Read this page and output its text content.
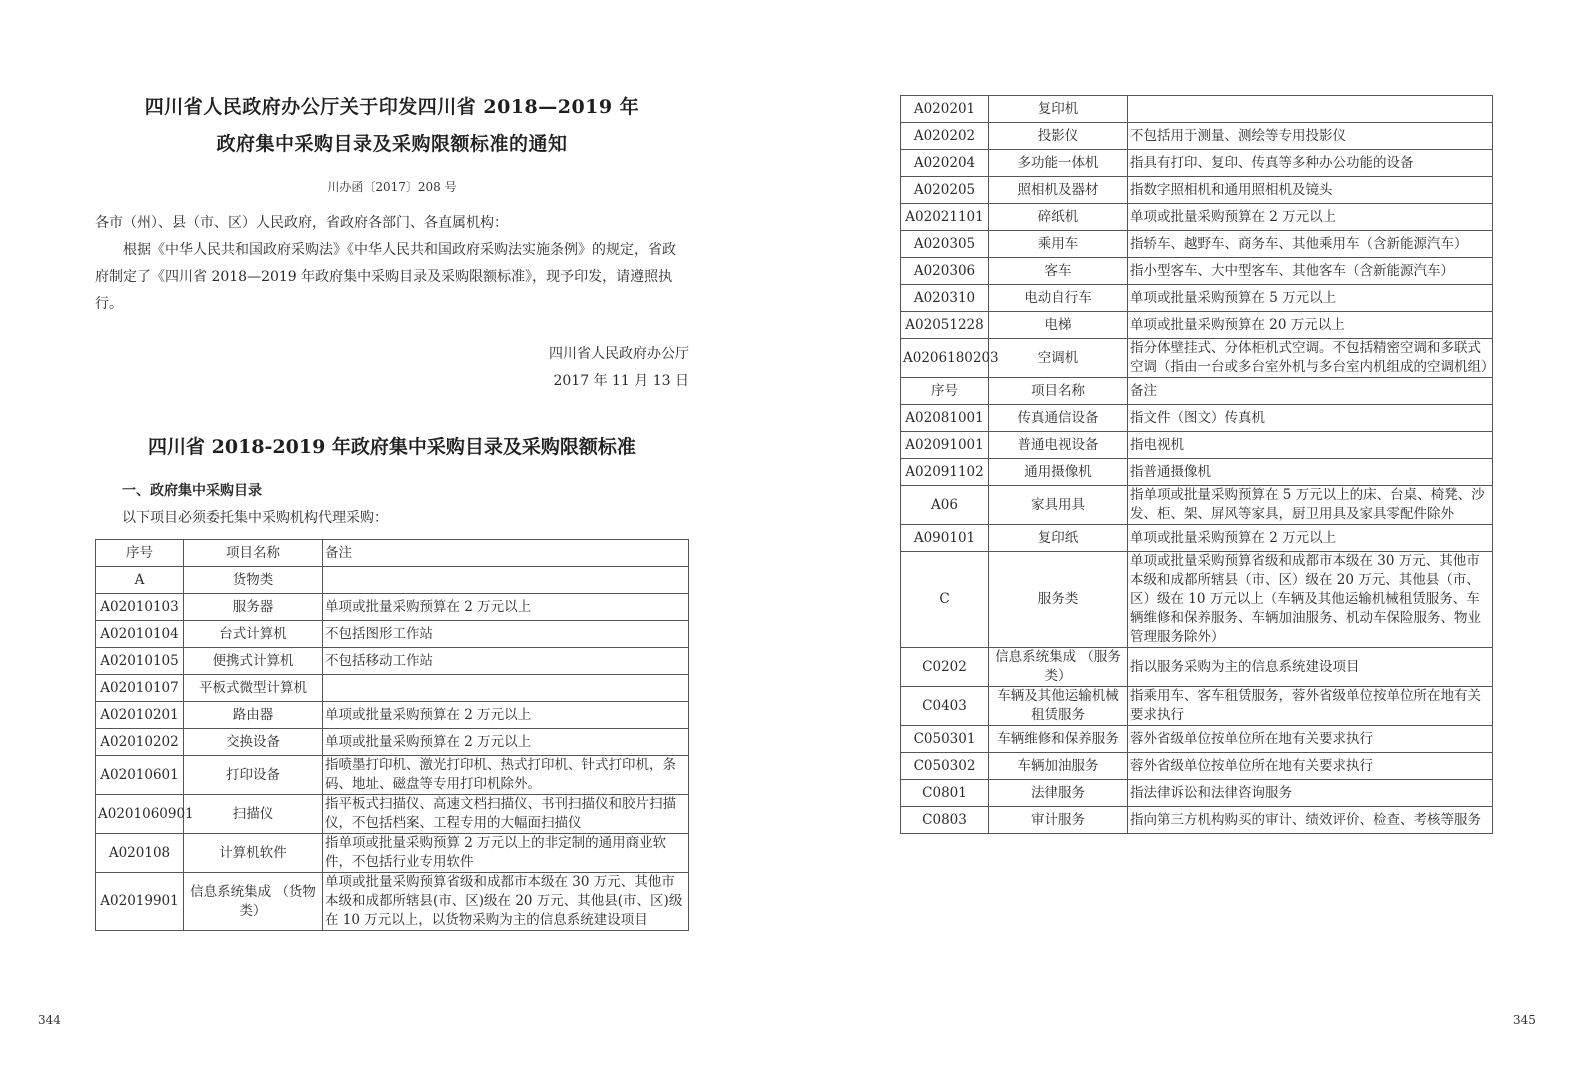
四川省人民政府办公厅关于印发四川省 2018—2019 年
政府集中采购目录及采购限额标准的通知
川办函〔2017〕208 号
各市（州）、县（市、区）人民政府，省政府各部门、各直属机构：
根据《中华人民共和国政府采购法》《中华人民共和国政府采购法实施条例》的规定，省政府制定了《四川省 2018—2019 年政府集中采购目录及采购限额标准》，现予印发，请遵照执行。
四川省人民政府办公厅
2017 年 11 月 13 日
四川省 2018-2019 年政府集中采购目录及采购限额标准
一、政府集中采购目录
以下项目必须委托集中采购机构代理采购：
序号	项目名称	备注
A	货物类	
A02010103	服务器	单项或批量采购预算在 2 万元以上
A02010104	台式计算机	不包括图形工作站
A02010105	便携式计算机	不包括移动工作站
A02010107	平板式微型计算机	
A02010201	路由器	单项或批量采购预算在 2 万元以上
A02010202	交换设备	单项或批量采购预算在 2 万元以上
A02010601	打印设备	指喷墨打印机、激光打印机、热式打印机、针式打印机，条码、地址、磁盘等专用打印机除外。
A0201060901	扫描仪	指平板式扫描仪、高速文档扫描仪、书刊扫描仪和胶片扫描仪，不包括档案、工程专用的大幅面扫描仪
A020108	计算机软件	指单项或批量采购预算 2 万元以上的非定制的通用商业软件，不包括行业专用软件
A02019901	信息系统集成 （货物类）	单项或批量采购预算省级和成都市本级在 30 万元、其他市本级和成都所辖县(市、区)级在 20 万元、其他县(市、区)级在 10 万元以上，以货物采购为主的信息系统建设项目
344
A020201	复印机	
A020202	投影仪	不包括用于测量、测绘等专用投影仪
A020204	多功能一体机	指具有打印、复印、传真等多种办公功能的设备
A020205	照相机及器材	指数字照相机和通用照相机及镜头
A02021101	碎纸机	单项或批量采购预算在 2 万元以上
A020305	乘用车	指轿车、越野车、商务车、其他乘用车（含新能源汽车）
A020306	客车	指小型客车、大中型客车、其他客车（含新能源汽车）
A020310	电动自行车	单项或批量采购预算在 5 万元以上
A02051228	电梯	单项或批量采购预算在 20 万元以上
A0206180203	空调机	指分体壁挂式、分体柜机式空调。不包括精密空调和多联式空调（指由一台或多台室外机与多台室内机组成的空调机组）
序号	项目名称	备注
A02081001	传真通信设备	指文件（图文）传真机
A02091001	普通电视设备	指电视机
A02091102	通用摄像机	指普通摄像机
A06	家具用具	指单项或批量采购预算在 5 万元以上的床、台桌、椅凳、沙发、柜、架、屏风等家具，厨卫用具及家具零配件除外
A090101	复印纸	单项或批量采购预算在 2 万元以上
C	服务类	单项或批量采购预算省级和成都市本级在 30 万元、其他市本级和成都所辖县（市、区）级在 20 万元、其他县（市、区）级在 10 万元以上（车辆及其他运输机械租赁服务、车辆维修和保养服务、车辆加油服务、机动车保险服务、物业管理服务除外）
C0202	信息系统集成 （服务类）	指以服务采购为主的信息系统建设项目
C0403	车辆及其他运输机械租赁服务	指乘用车、客车租赁服务，蓉外省级单位按单位所在地有关要求执行
C050301	车辆维修和保养服务	蓉外省级单位按单位所在地有关要求执行
C050302	车辆加油服务	蓉外省级单位按单位所在地有关要求执行
C0801	法律服务	指法律诉讼和法律咨询服务
C0803	审计服务	指向第三方机构购买的审计、绩效评价、检查、考核等服务
345
